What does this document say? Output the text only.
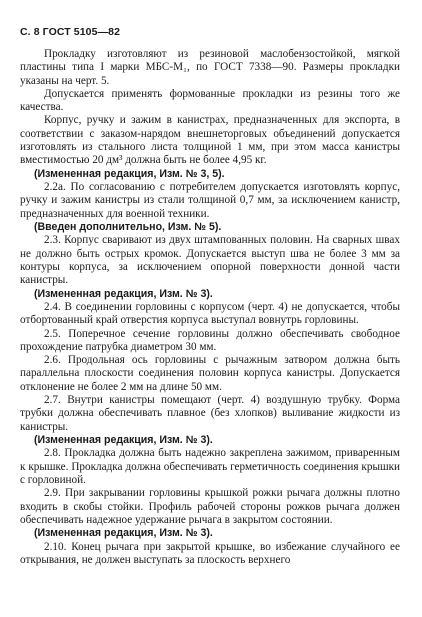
С. 8 ГОСТ 5105—82

Прокладку изготовляют из резиновой маслобензостойкой, мягкой пластины типа I марки МБС-М₁, по ГОСТ 7338—90. Размеры прокладки указаны на черт. 5.

Допускается применять формованные прокладки из резины того же качества.

Корпус, ручку и зажим в канистрах, предназначенных для экспорта, в соответствии с заказом-нарядом внешнеторговых объединений допускается изготовлять из стального листа толщиной 1 мм, при этом масса канистры вместимостью 20 дм³ должна быть не более 4,95 кг.

(Измененная редакция, Изм. № 3, 5).

2.2а. По согласованию с потребителем допускается изготовлять корпус, ручку и зажим канистры из стали толщиной 0,7 мм, за исключением канистр, предназначенных для военной техники.

(Введен дополнительно, Изм. № 5).

2.3. Корпус сваривают из двух штампованных половин. На сварных швах не должно быть острых кромок. Допускается выступ шва не более 3 мм за контуры корпуса, за исключением опорной поверхности донной части канистры.

(Измененная редакция, Изм. № 3).

2.4. В соединении горловины с корпусом (черт. 4) не допускается, чтобы отбортованный край отверстия корпуса выступал вовнутрь горловины.

2.5. Поперечное сечение горловины должно обеспечивать свободное прохождение патрубка диаметром 30 мм.

2.6. Продольная ось горловины с рычажным затвором должна быть параллельна плоскости соединения половин корпуса канистры. Допускается отклонение не более 2 мм на длине 50 мм.

2.7. Внутри канистры помещают (черт. 4) воздушную трубку. Форма трубки должна обеспечивать плавное (без хлопков) выливание жидкости из канистры.

(Измененная редакция, Изм. № 3).

2.8. Прокладка должна быть надежно закреплена зажимом, приваренным к крышке. Прокладка должна обеспечивать герметичность соединения крышки с горловиной.

2.9. При закрывании горловины крышкой рожки рычага должны плотно входить в скобы стойки. Профиль рабочей стороны рожков рычага должен обеспечивать надежное удержание рычага в закрытом состоянии.

(Измененная редакция, Изм. № 3).

2.10. Конец рычага при закрытой крышке, во избежание случайного ее открывания, не должен выступать за плоскость верхнего
